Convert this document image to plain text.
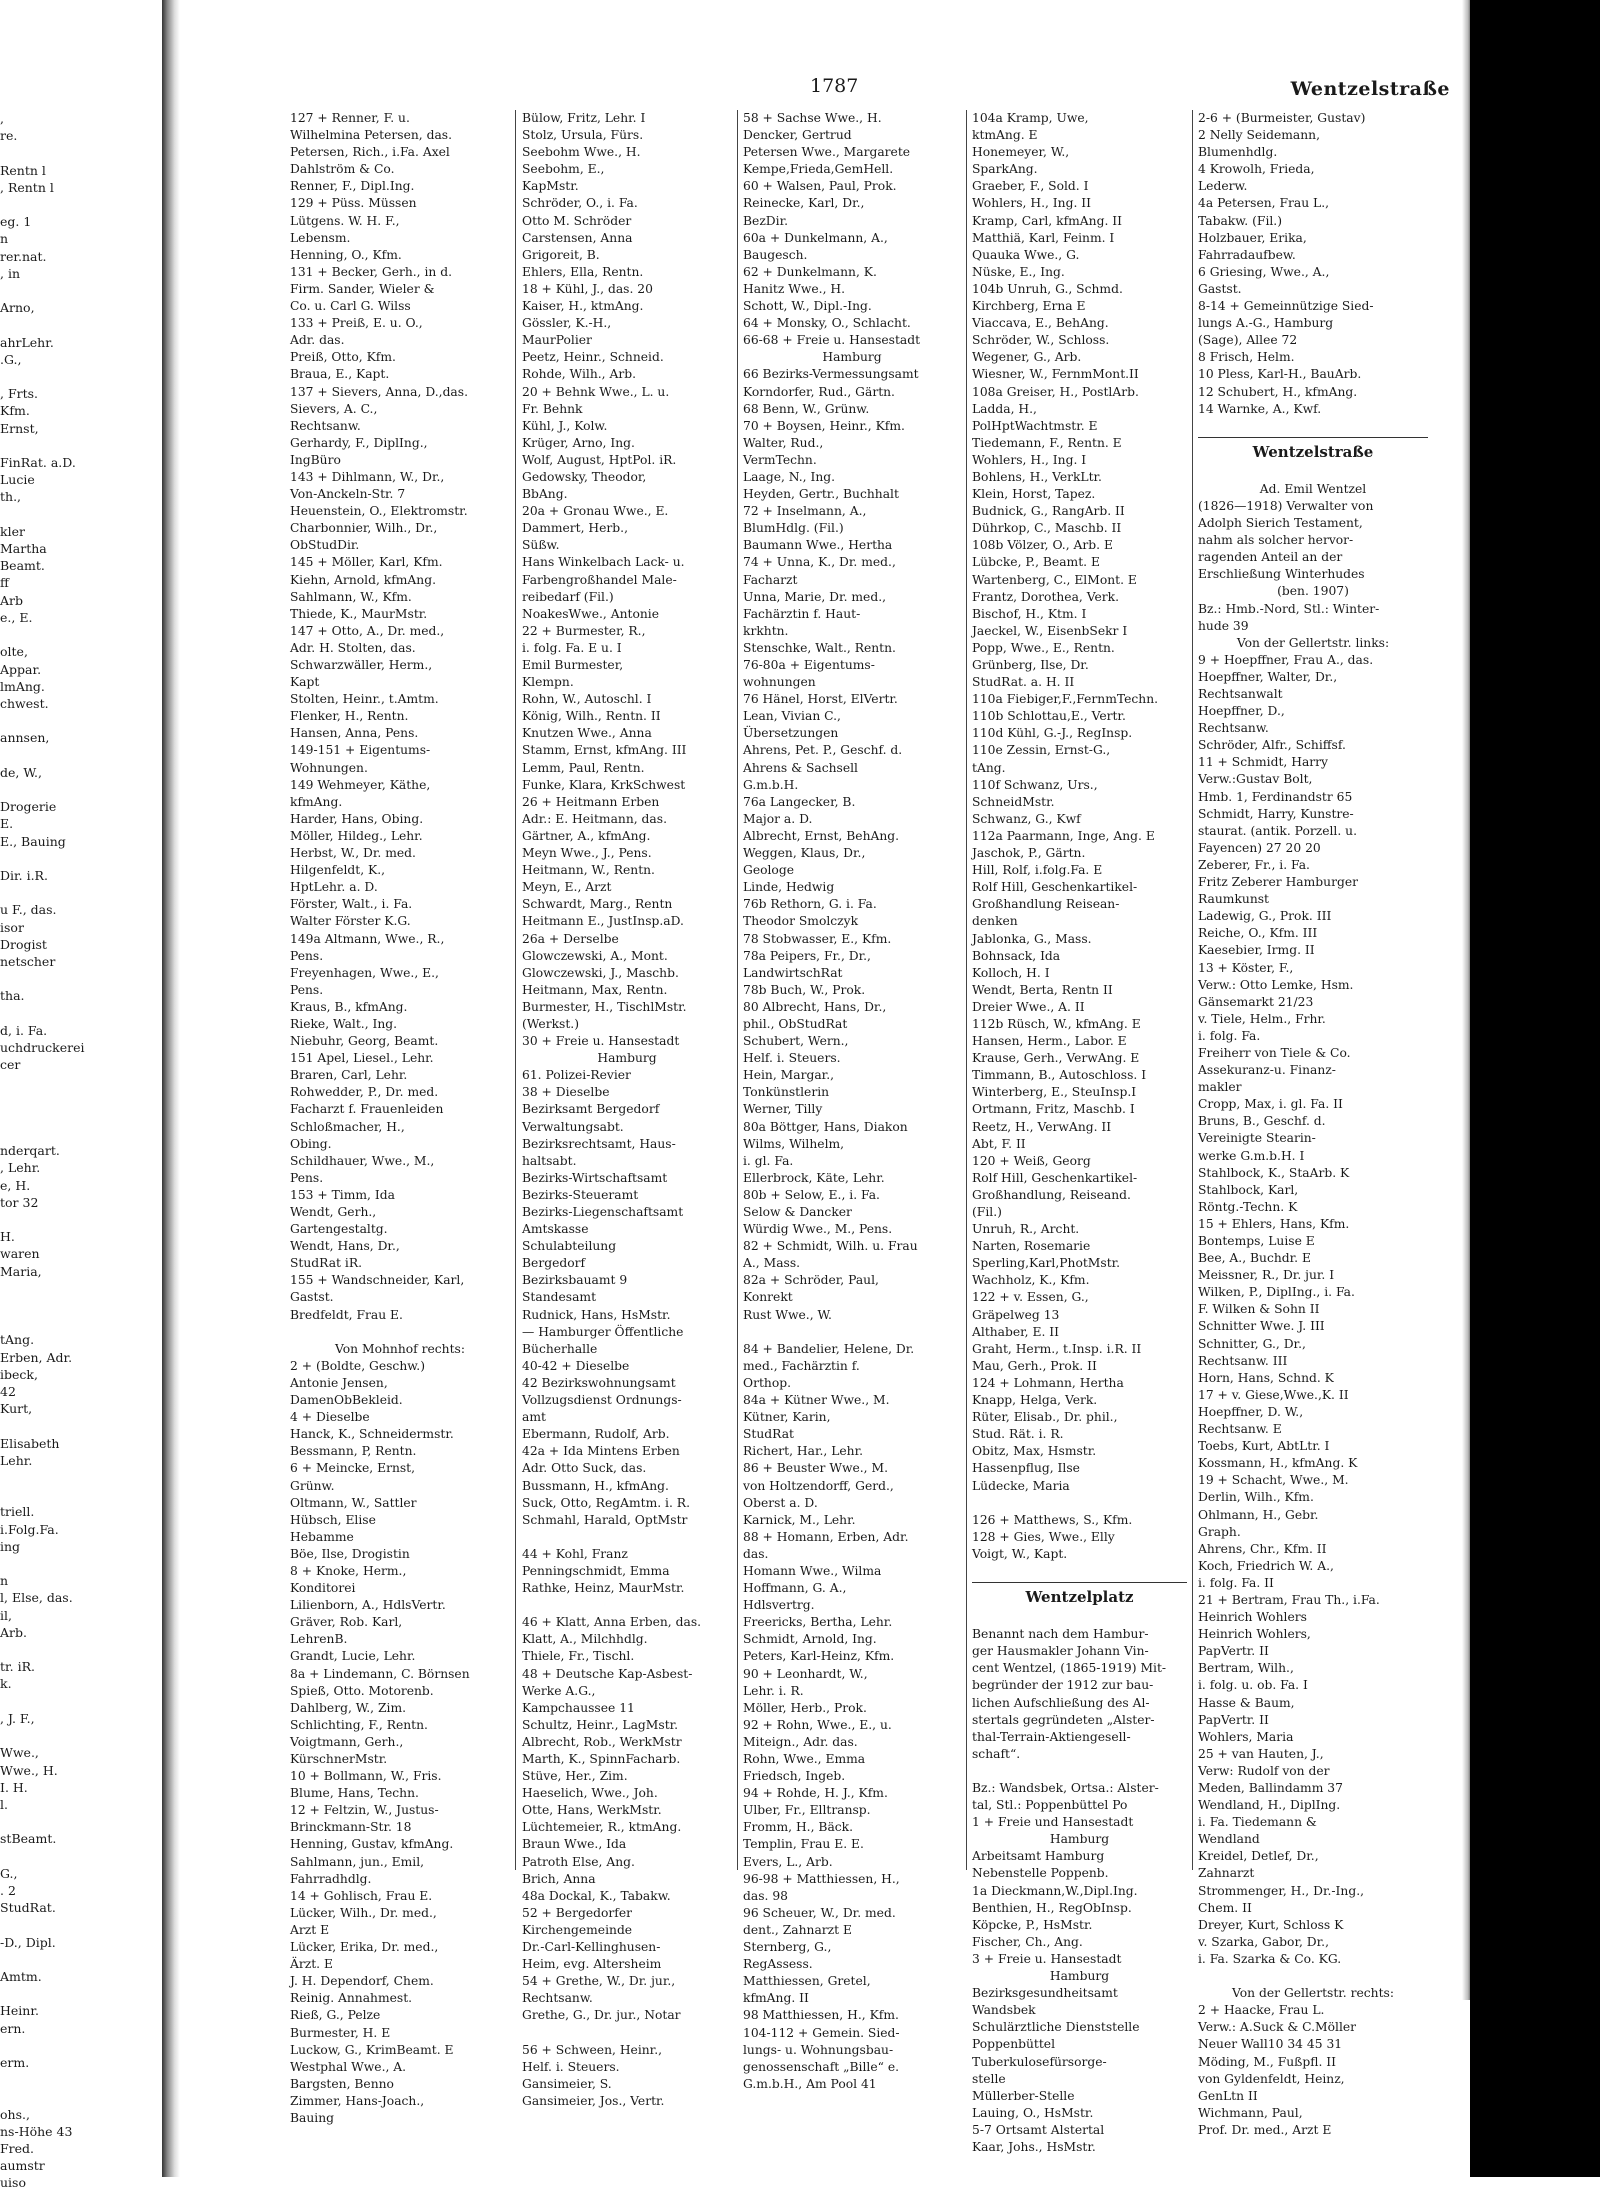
,
re.

Rentn l
, Rentn l

eg. 1
n
rer.nat.
, in

Arno,

ahrLehr.
.G.,

, Frts.
Kfm.
Ernst,

FinRat. a.D.
Lucie
th.,

kler
Martha
Beamt.
ff
Arb
e., E.

olte,
Appar.
lmAng.
chwest.

annsen,

de, W.,

Drogerie
E.
E., Bauing

Dir. i.R.

u F., das.
isor
Drogist
netscher

tha.

d, i. Fa.
uchdruckerei
cer

nderqart.
, Lehr.
e, H.
tor 32

H.
waren
Maria,

tAng.
Erben, Adr.
ibeck,
42
Kurt,

Elisabeth
Lehr.

triell.
i.Folg.Fa.
ing

n
l, Else, das.
il,
Arb.

tr. iR.
k.

, J. F.,

Wwe.,
Wwe., H.
I. H.
l.

stBeamt.

G.,
. 2
StudRat.

-D., Dipl.

Amtm.

Heinr.
ern.

erm.

ohs.,
ns-Höhe 43
Fred.
aumstr
uiso
1787	Wentzelstraße
127 + Renner, F. u.
Wilhelmina Petersen, das.
Petersen, Rich., i.Fa. Axel
Dahlström & Co.
Renner, F., Dipl.Ing.
129 + Püss. Müssen
Lütgens. W. H. F.,
Lebensm.
Henning, O., Kfm.
131 + Becker, Gerh., in d.
Firm. Sander, Wieler &
Co. u. Carl G. Wilss
133 + Preiß, E. u. O.,
Adr. das.
Preiß, Otto, Kfm.
Braua, E., Kapt.
137 + Sievers, Anna, D.,das.
Sievers, A. C.,
Rechtsanw.
Gerhardy, F., DiplIng.,
IngBüro
143 + Dihlmann, W., Dr.,
Von-Anckeln-Str. 7
Heuenstein, O., Elektromstr.
Charbonnier, Wilh., Dr.,
ObStudDir.
145 + Möller, Karl, Kfm.
Kiehn, Arnold, kfmAng.
Sahlmann, W., Kfm.
Thiede, K., MaurMstr.
147 + Otto, A., Dr. med.,
Adr. H. Stolten, das.
Schwarzwäller, Herm.,
Kapt
Stolten, Heinr., t.Amtm.
Flenker, H., Rentn.
Hansen, Anna, Pens.
149-151 + Eigentums-
Wohnungen.
149 Wehmeyer, Käthe,
kfmAng.
Harder, Hans, Obing.
Möller, Hildeg., Lehr.
Herbst, W., Dr. med.
Hilgenfeldt, K.,
HptLehr. a. D.
Förster, Walt., i. Fa.
Walter Förster K.G.
149a Altmann, Wwe., R.,
Pens.
Freyenhagen, Wwe., E.,
Pens.
Kraus, B., kfmAng.
Rieke, Walt., Ing.
Niebuhr, Georg, Beamt.
151 Apel, Liesel., Lehr.
Braren, Carl, Lehr.
Rohwedder, P., Dr. med.
Facharzt f. Frauenleiden
Schloßmacher, H.,
Obing.
Schildhauer, Wwe., M.,
Pens.
153 + Timm, Ida
Wendt, Gerh.,
Gartengestaltg.
Wendt, Hans, Dr.,
StudRat iR.
155 + Wandschneider, Karl,
Gastst.
Bredfeldt, Frau E.

Von Mohnhof rechts:
2 + (Boldte, Geschw.)
Antonie Jensen,
DamenObBekleid.
4 + Dieselbe
Hanck, K., Schneidermstr.
Bessmann, P, Rentn.
6 + Meincke, Ernst,
Grünw.
Oltmann, W., Sattler
Hübsch, Elise
Hebamme
Böe, Ilse, Drogistin
8 + Knoke, Herm.,
Konditorei
Lilienborn, A., HdlsVertr.
Gräver, Rob. Karl,
LehrenB.
Grandt, Lucie, Lehr.
8a + Lindemann, C. Börnsen
Spieß, Otto. Motorenb.
Dahlberg, W., Zim.
Schlichting, F., Rentn.
Voigtmann, Gerh.,
KürschnerMstr.
10 + Bollmann, W., Fris.
Blume, Hans, Techn.
12 + Feltzin, W., Justus-
Brinckmann-Str. 18
Henning, Gustav, kfmAng.
Sahlmann, jun., Emil,
Fahrradhdlg.
14 + Gohlisch, Frau E.
Lücker, Wilh., Dr. med.,
Arzt E
Lücker, Erika, Dr. med.,
Ärzt. E
J. H. Dependorf, Chem.
Reinig. Annahmest.
Rieß, G., Pelze
Burmester, H. E
Luckow, G., KrimBeamt. E
Westphal Wwe., A.
Bargsten, Benno
Zimmer, Hans-Joach.,
Bauing
Bülow, Fritz, Lehr. I
Stolz, Ursula, Fürs.
Seebohm Wwe., H.
Seebohm, E.,
KapMstr.
Schröder, O., i. Fa.
Otto M. Schröder
Carstensen, Anna
Grigoreit, B.
Ehlers, Ella, Rentn.
18 + Kühl, J., das. 20
Kaiser, H., ktmAng.
Gössler, K.-H.,
MaurPolier
Peetz, Heinr., Schneid.
Rohde, Wilh., Arb.
20 + Behnk Wwe., L. u.
Fr. Behnk
Kühl, J., Kolw.
Krüger, Arno, Ing.
Wolf, August, HptPol. iR.
Gedowsky, Theodor,
BbAng.
20a + Gronau Wwe., E.
Dammert, Herb.,
Süßw.
Hans Winkelbach Lack- u.
Farbengroßhandel Male-
reibedarf (Fil.)
NoakesWwe., Antonie
22 + Burmester, R.,
i. folg. Fa. E u. I
Emil Burmester,
Klempn.
Rohn, W., Autoschl. I
König, Wilh., Rentn. II
Knutzen Wwe., Anna
Stamm, Ernst, kfmAng. III
Lemm, Paul, Rentn.
Funke, Klara, KrkSchwest
26 + Heitmann Erben
Adr.: E. Heitmann, das.
Gärtner, A., kfmAng.
Meyn Wwe., J., Pens.
Heitmann, W., Rentn.
Meyn, E., Arzt
Schwardt, Marg., Rentn
Heitmann E., JustInsp.aD.
26a + Derselbe
Glowczewski, A., Mont.
Glowczewski, J., Maschb.
Heitmann, Max, Rentn.
Burmester, H., TischlMstr.
(Werkst.)
30 + Freie u. Hansestadt
Hamburg
61. Polizei-Revier
38 + Dieselbe
Bezirksamt Bergedorf
Verwaltungsabt.
Bezirksrechtsamt, Haus-
haltsabt.
Bezirks-Wirtschaftsamt
Bezirks-Steueramt
Bezirks-Liegenschaftsamt
Amtskasse
Schulabteilung
Bergedorf
Bezirksbauamt 9
Standesamt
Rudnick, Hans, HsMstr.
— Hamburger Öffentliche
Bücherhalle
40-42 + Dieselbe
42 Bezirkswohnungsamt
Vollzugsdienst Ordnungs-
amt
Ebermann, Rudolf, Arb.
42a + Ida Mintens Erben
Adr. Otto Suck, das.
Bussmann, H., kfmAng.
Suck, Otto, RegAmtm. i. R.
Schmahl, Harald, OptMstr

44 + Kohl, Franz
Penningschmidt, Emma
Rathke, Heinz, MaurMstr.

46 + Klatt, Anna Erben, das.
Klatt, A., Milchhdlg.
Thiele, Fr., Tischl.
48 + Deutsche Kap-Asbest-
Werke A.G.,
Kampchaussee 11
Schultz, Heinr., LagMstr.
Albrecht, Rob., WerkMstr
Marth, K., SpinnFacharb.
Stüve, Her., Zim.
Haeselich, Wwe., Joh.
Otte, Hans, WerkMstr.
Lüchtemeier, R., ktmAng.
Braun Wwe., Ida
Patroth Else, Ang.
Brich, Anna
48a Dockal, K., Tabakw.
52 + Bergedorfer
Kirchengemeinde
Dr.-Carl-Kellinghusen-
Heim, evg. Altersheim
54 + Grethe, W., Dr. jur.,
Rechtsanw.
Grethe, G., Dr. jur., Notar

56 + Schween, Heinr.,
Helf. i. Steuers.
Gansimeier, S.
Gansimeier, Jos., Vertr.
58 + Sachse Wwe., H.
Dencker, Gertrud
Petersen Wwe., Margarete
Kempe,Frieda,GemHell.
60 + Walsen, Paul, Prok.
Reinecke, Karl, Dr.,
BezDir.
60a + Dunkelmann, A.,
Baugesch.
62 + Dunkelmann, K.
Hanitz Wwe., H.
Schott, W., Dipl.-Ing.
64 + Monsky, O., Schlacht.
66-68 + Freie u. Hansestadt
Hamburg
66 Bezirks-Vermessungsamt
Korndorfer, Rud., Gärtn.
68 Benn, W., Grünw.
70 + Boysen, Heinr., Kfm.
Walter, Rud.,
VermTechn.
Laage, N., Ing.
Heyden, Gertr., Buchhalt
72 + Inselmann, A.,
BlumHdlg. (Fil.)
Baumann Wwe., Hertha
74 + Unna, K., Dr. med.,
Facharzt
Unna, Marie, Dr. med.,
Fachärztin f. Haut-
krkhtn.
Stenschke, Walt., Rentn.
76-80a + Eigentums-
wohnungen
76 Hänel, Horst, ElVertr.
Lean, Vivian C.,
Übersetzungen
Ahrens, Pet. P., Geschf. d.
Ahrens & Sachsell
G.m.b.H.
76a Langecker, B.
Major a. D.
Albrecht, Ernst, BehAng.
Weggen, Klaus, Dr.,
Geologe
Linde, Hedwig
76b Rethorn, G. i. Fa.
Theodor Smolczyk
78 Stobwasser, E., Kfm.
78a Peipers, Fr., Dr.,
LandwirtschRat
78b Buch, W., Prok.
80 Albrecht, Hans, Dr.,
phil., ObStudRat
Schubert, Wern.,
Helf. i. Steuers.
Hein, Margar.,
Tonkünstlerin
Werner, Tilly
80a Böttger, Hans, Diakon
Wilms, Wilhelm,
i. gl. Fa.
Ellerbrock, Käte, Lehr.
80b + Selow, E., i. Fa.
Selow & Dancker
Würdig Wwe., M., Pens.
82 + Schmidt, Wilh. u. Frau
A., Mass.
82a + Schröder, Paul,
Konrekt
Rust Wwe., W.

84 + Bandelier, Helene, Dr.
med., Fachärztin f.
Orthop.
84a + Kütner Wwe., M.
Kütner, Karin,
StudRat
Richert, Har., Lehr.
86 + Beuster Wwe., M.
von Holtzendorff, Gerd.,
Oberst a. D.
Karnick, M., Lehr.
88 + Homann, Erben, Adr.
das.
Homann Wwe., Wilma
Hoffmann, G. A.,
Hdlsvertrg.
Freericks, Bertha, Lehr.
Schmidt, Arnold, Ing.
Peters, Karl-Heinz, Kfm.
90 + Leonhardt, W.,
Lehr. i. R.
Möller, Herb., Prok.
92 + Rohn, Wwe., E., u.
Miteign., Adr. das.
Rohn, Wwe., Emma
Friedsch, Ingeb.
94 + Rohde, H. J., Kfm.
Ulber, Fr., Elltransp.
Fromm, H., Bäck.
Templin, Frau E. E.
Evers, L., Arb.
96-98 + Matthiessen, H.,
das. 98
96 Scheuer, W., Dr. med.
dent., Zahnarzt E
Sternberg, G.,
RegAssess.
Matthiessen, Gretel,
kfmAng. II
98 Matthiessen, H., Kfm.
104-112 + Gemein. Sied-
lungs- u. Wohnungsbau-
genossenschaft „Bille“ e.
G.m.b.H., Am Pool 41
104a Kramp, Uwe,
ktmAng. E
Honemeyer, W.,
SparkAng.
Graeber, F., Sold. I
Wohlers, H., Ing. II
Kramp, Carl, kfmAng. II
Matthiä, Karl, Feinm. I
Quauka Wwe., G.
Nüske, E., Ing.
104b Unruh, G., Schmd.
Kirchberg, Erna E
Viaccava, E., BehAng.
Schröder, W., Schloss.
Wegener, G., Arb.
Wiesner, W., FernmMont.II
108a Greiser, H., PostlArb.
Ladda, H.,
PolHptWachtmstr. E
Tiedemann, F., Rentn. E
Wohlers, H., Ing. I
Bohlens, H., VerkLtr.
Klein, Horst, Tapez.
Budnick, G., RangArb. II
Dührkop, C., Maschb. II
108b Völzer, O., Arb. E
Lübcke, P., Beamt. E
Wartenberg, C., ElMont. E
Frantz, Dorothea, Verk.
Bischof, H., Ktm. I
Jaeckel, W., EisenbSekr I
Popp, Wwe., E., Rentn.
Grünberg, Ilse, Dr.
StudRat. a. H. II
110a Fiebiger,F.,FernmTechn.
110b Schlottau,E., Vertr.
110d Kühl, G.-J., RegInsp.
110e Zessin, Ernst-G.,
tAng.
110f Schwanz, Urs.,
SchneidMstr.
Schwanz, G., Kwf
112a Paarmann, Inge, Ang. E
Jaschok, P., Gärtn.
Hill, Rolf, i.folg.Fa. E
Rolf Hill, Geschenkartikel-
Großhandlung Reisean-
denken
Jablonka, G., Mass.
Bohnsack, Ida
Kolloch, H. I
Wendt, Berta, Rentn II
Dreier Wwe., A. II
112b Rüsch, W., kfmAng. E
Hansen, Herm., Labor. E
Krause, Gerh., VerwAng. E
Timmann, B., Autoschloss. I
Winterberg, E., SteuInsp.I
Ortmann, Fritz, Maschb. I
Reetz, H., VerwAng. II
Abt, F. II
120 + Weiß, Georg
Rolf Hill, Geschenkartikel-
Großhandlung, Reiseand.
(Fil.)
Unruh, R., Archt.
Narten, Rosemarie
Sperling,Karl,PhotMstr.
Wachholz, K., Kfm.
122 + v. Essen, G.,
Gräpelweg 13
Althaber, E. II
Graht, Herm., t.Insp. i.R. II
Mau, Gerh., Prok. II
124 + Lohmann, Hertha
Knapp, Helga, Verk.
Rüter, Elisab., Dr. phil.,
Stud. Rät. i. R.
Obitz, Max, Hsmstr.
Hassenpflug, Ilse
Lüdecke, Maria

126 + Matthews, S., Kfm.
128 + Gies, Wwe., Elly
Voigt, W., Kapt.

Wentzelplatz

Benannt nach dem Hambur-
ger Hausmakler Johann Vin-
cent Wentzel, (1865-1919) Mit-
begründer der 1912 zur bau-
lichen Aufschließung des Al-
stertals gegründeten „Alster-
thal-Terrain-Aktiengesell-
schaft“.

Bz.: Wandsbek, Ortsa.: Alster-
tal, Stl.: Poppenbüttel Po
1 + Freie und Hansestadt
Hamburg
Arbeitsamt Hamburg
Nebenstelle Poppenb.
1a Dieckmann,W.,Dipl.Ing.
Benthien, H., RegObInsp.
Köpcke, P., HsMstr.
Fischer, Ch., Ang.
3 + Freie u. Hansestadt
Hamburg
Bezirksgesundheitsamt
Wandsbek
Schulärztliche Dienststelle
Poppenbüttel
Tuberkulosefürsorge-
stelle
Müllerber-Stelle
Lauing, O., HsMstr.
5-7 Ortsamt Alstertal
Kaar, Johs., HsMstr.
2-6 + (Burmeister, Gustav)
2 Nelly Seidemann,
Blumenhdlg.
4 Krowolh, Frieda,
Lederw.
4a Petersen, Frau L.,
Tabakw. (Fil.)
Holzbauer, Erika,
Fahrradaufbew.
6 Griesing, Wwe., A.,
Gastst.
8-14 + Gemeinnützige Sied-
lungs A.-G., Hamburg
(Sage), Allee 72
8 Frisch, Helm.
10 Pless, Karl-H., BauArb.
12 Schubert, H., kfmAng.
14 Warnke, A., Kwf.

Wentzelstraße

Ad. Emil Wentzel
(1826—1918) Verwalter von
Adolph Sierich Testament,
nahm als solcher hervor-
ragenden Anteil an der
Erschließung Winterhudes
(ben. 1907)
Bz.: Hmb.-Nord, Stl.: Winter-
hude 39
Von der Gellertstr. links:
9 + Hoepffner, Frau A., das.
Hoepffner, Walter, Dr.,
Rechtsanwalt
Hoepffner, D.,
Rechtsanw.
Schröder, Alfr., Schiffsf.
11 + Schmidt, Harry
Verw.:Gustav Bolt,
Hmb. 1, Ferdinandstr 65
Schmidt, Harry, Kunstre-
staurat. (antik. Porzell. u.
Fayencen) 27 20 20
Zeberer, Fr., i. Fa.
Fritz Zeberer Hamburger
Raumkunst
Ladewig, G., Prok. III
Reiche, O., Kfm. III
Kaesebier, Irmg. II
13 + Köster, F.,
Verw.: Otto Lemke, Hsm.
Gänsemarkt 21/23
v. Tiele, Helm., Frhr.
i. folg. Fa.
Freiherr von Tiele & Co.
Assekuranz-u. Finanz-
makler
Cropp, Max, i. gl. Fa. II
Bruns, B., Geschf. d.
Vereinigte Stearin-
werke G.m.b.H. I
Stahlbock, K., StaArb. K
Stahlbock, Karl,
Röntg.-Techn. K
15 + Ehlers, Hans, Kfm.
Bontemps, Luise E
Bee, A., Buchdr. E
Meissner, R., Dr. jur. I
Wilken, P., DiplIng., i. Fa.
F. Wilken & Sohn II
Schnitter Wwe. J. III
Schnitter, G., Dr.,
Rechtsanw. III
Horn, Hans, Schnd. K
17 + v. Giese,Wwe.,K. II
Hoepffner, D. W.,
Rechtsanw. E
Toebs, Kurt, AbtLtr. I
Kossmann, H., kfmAng. K
19 + Schacht, Wwe., M.
Derlin, Wilh., Kfm.
Ohlmann, H., Gebr.
Graph.
Ahrens, Chr., Kfm. II
Koch, Friedrich W. A.,
i. folg. Fa. II
21 + Bertram, Frau Th., i.Fa.
Heinrich Wohlers
Heinrich Wohlers,
PapVertr. II
Bertram, Wilh.,
i. folg. u. ob. Fa. I
Hasse & Baum,
PapVertr. II
Wohlers, Maria
25 + van Hauten, J.,
Verw: Rudolf von der
Meden, Ballindamm 37
Wendland, H., DiplIng.
i. Fa. Tiedemann &
Wendland
Kreidel, Detlef, Dr.,
Zahnarzt
Strommenger, H., Dr.-Ing.,
Chem. II
Dreyer, Kurt, Schloss K
v. Szarka, Gabor, Dr.,
i. Fa. Szarka & Co. KG.

Von der Gellertstr. rechts:
2 + Haacke, Frau L.
Verw.: A.Suck & C.Möller
Neuer Wall10 34 45 31
Möding, M., Fußpfl. II
von Gyldenfeldt, Heinz,
GenLtn II
Wichmann, Paul,
Prof. Dr. med., Arzt E
